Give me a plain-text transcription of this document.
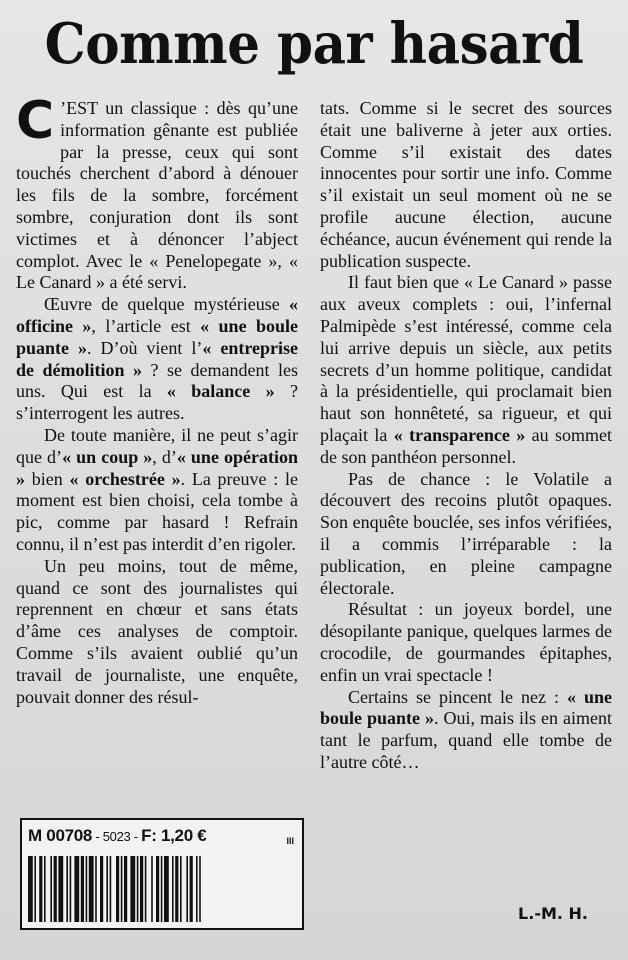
Comme par hasard

C ’EST un classique : dès qu’une information gênante est publiée par la presse, ceux qui sont touchés cherchent d’abord à dénouer les fils de la sombre, forcément sombre, conjuration dont ils sont victimes et à dénoncer l’abject complot. Avec le « Penelopegate », « Le Canard » a été servi.

Œuvre de quelque mystérieuse « officine », l’article est « une boule puante ». D’où vient l’« entreprise de démolition » ? se demandent les uns. Qui est la « balance » ? s’interrogent les autres.

De toute manière, il ne peut s’agir que d’« un coup », d’« une opération » bien « orchestrée ». La preuve : le moment est bien choisi, cela tombe à pic, comme par hasard ! Refrain connu, il n’est pas interdit d’en rigoler.

Un peu moins, tout de même, quand ce sont des journalistes qui reprennent en chœur et sans états d’âme ces analyses de comptoir. Comme s’ils avaient oublié qu’un travail de journaliste, une enquête, pouvait donner des résul-

tats. Comme si le secret des sources était une baliverne à jeter aux orties. Comme s’il existait des dates innocentes pour sortir une info. Comme s’il existait un seul moment où ne se profile aucune élection, aucune échéance, aucun événement qui rende la publication suspecte.

Il faut bien que « Le Canard » passe aux aveux complets : oui, l’infernal Palmipède s’est intéressé, comme cela lui arrive depuis un siècle, aux petits secrets d’un homme politique, candidat à la présidentielle, qui proclamait bien haut son honnêteté, sa rigueur, et qui plaçait la « transparence » au sommet de son panthéon personnel.

Pas de chance : le Volatile a découvert des recoins plutôt opaques. Son enquête bouclée, ses infos vérifiées, il a commis l’irréparable : la publication, en pleine campagne électorale.

Résultat : un joyeux bordel, une désopilante panique, quelques larmes de crocodile, de gourmandes épitaphes, enfin un vrai spectacle !

Certains se pincent le nez : « une boule puante ». Oui, mais ils en aiment tant le parfum, quand elle tombe de l’autre côté…

L.-M. H.
M 00708 - 5023 - F: 1,20 €	III
